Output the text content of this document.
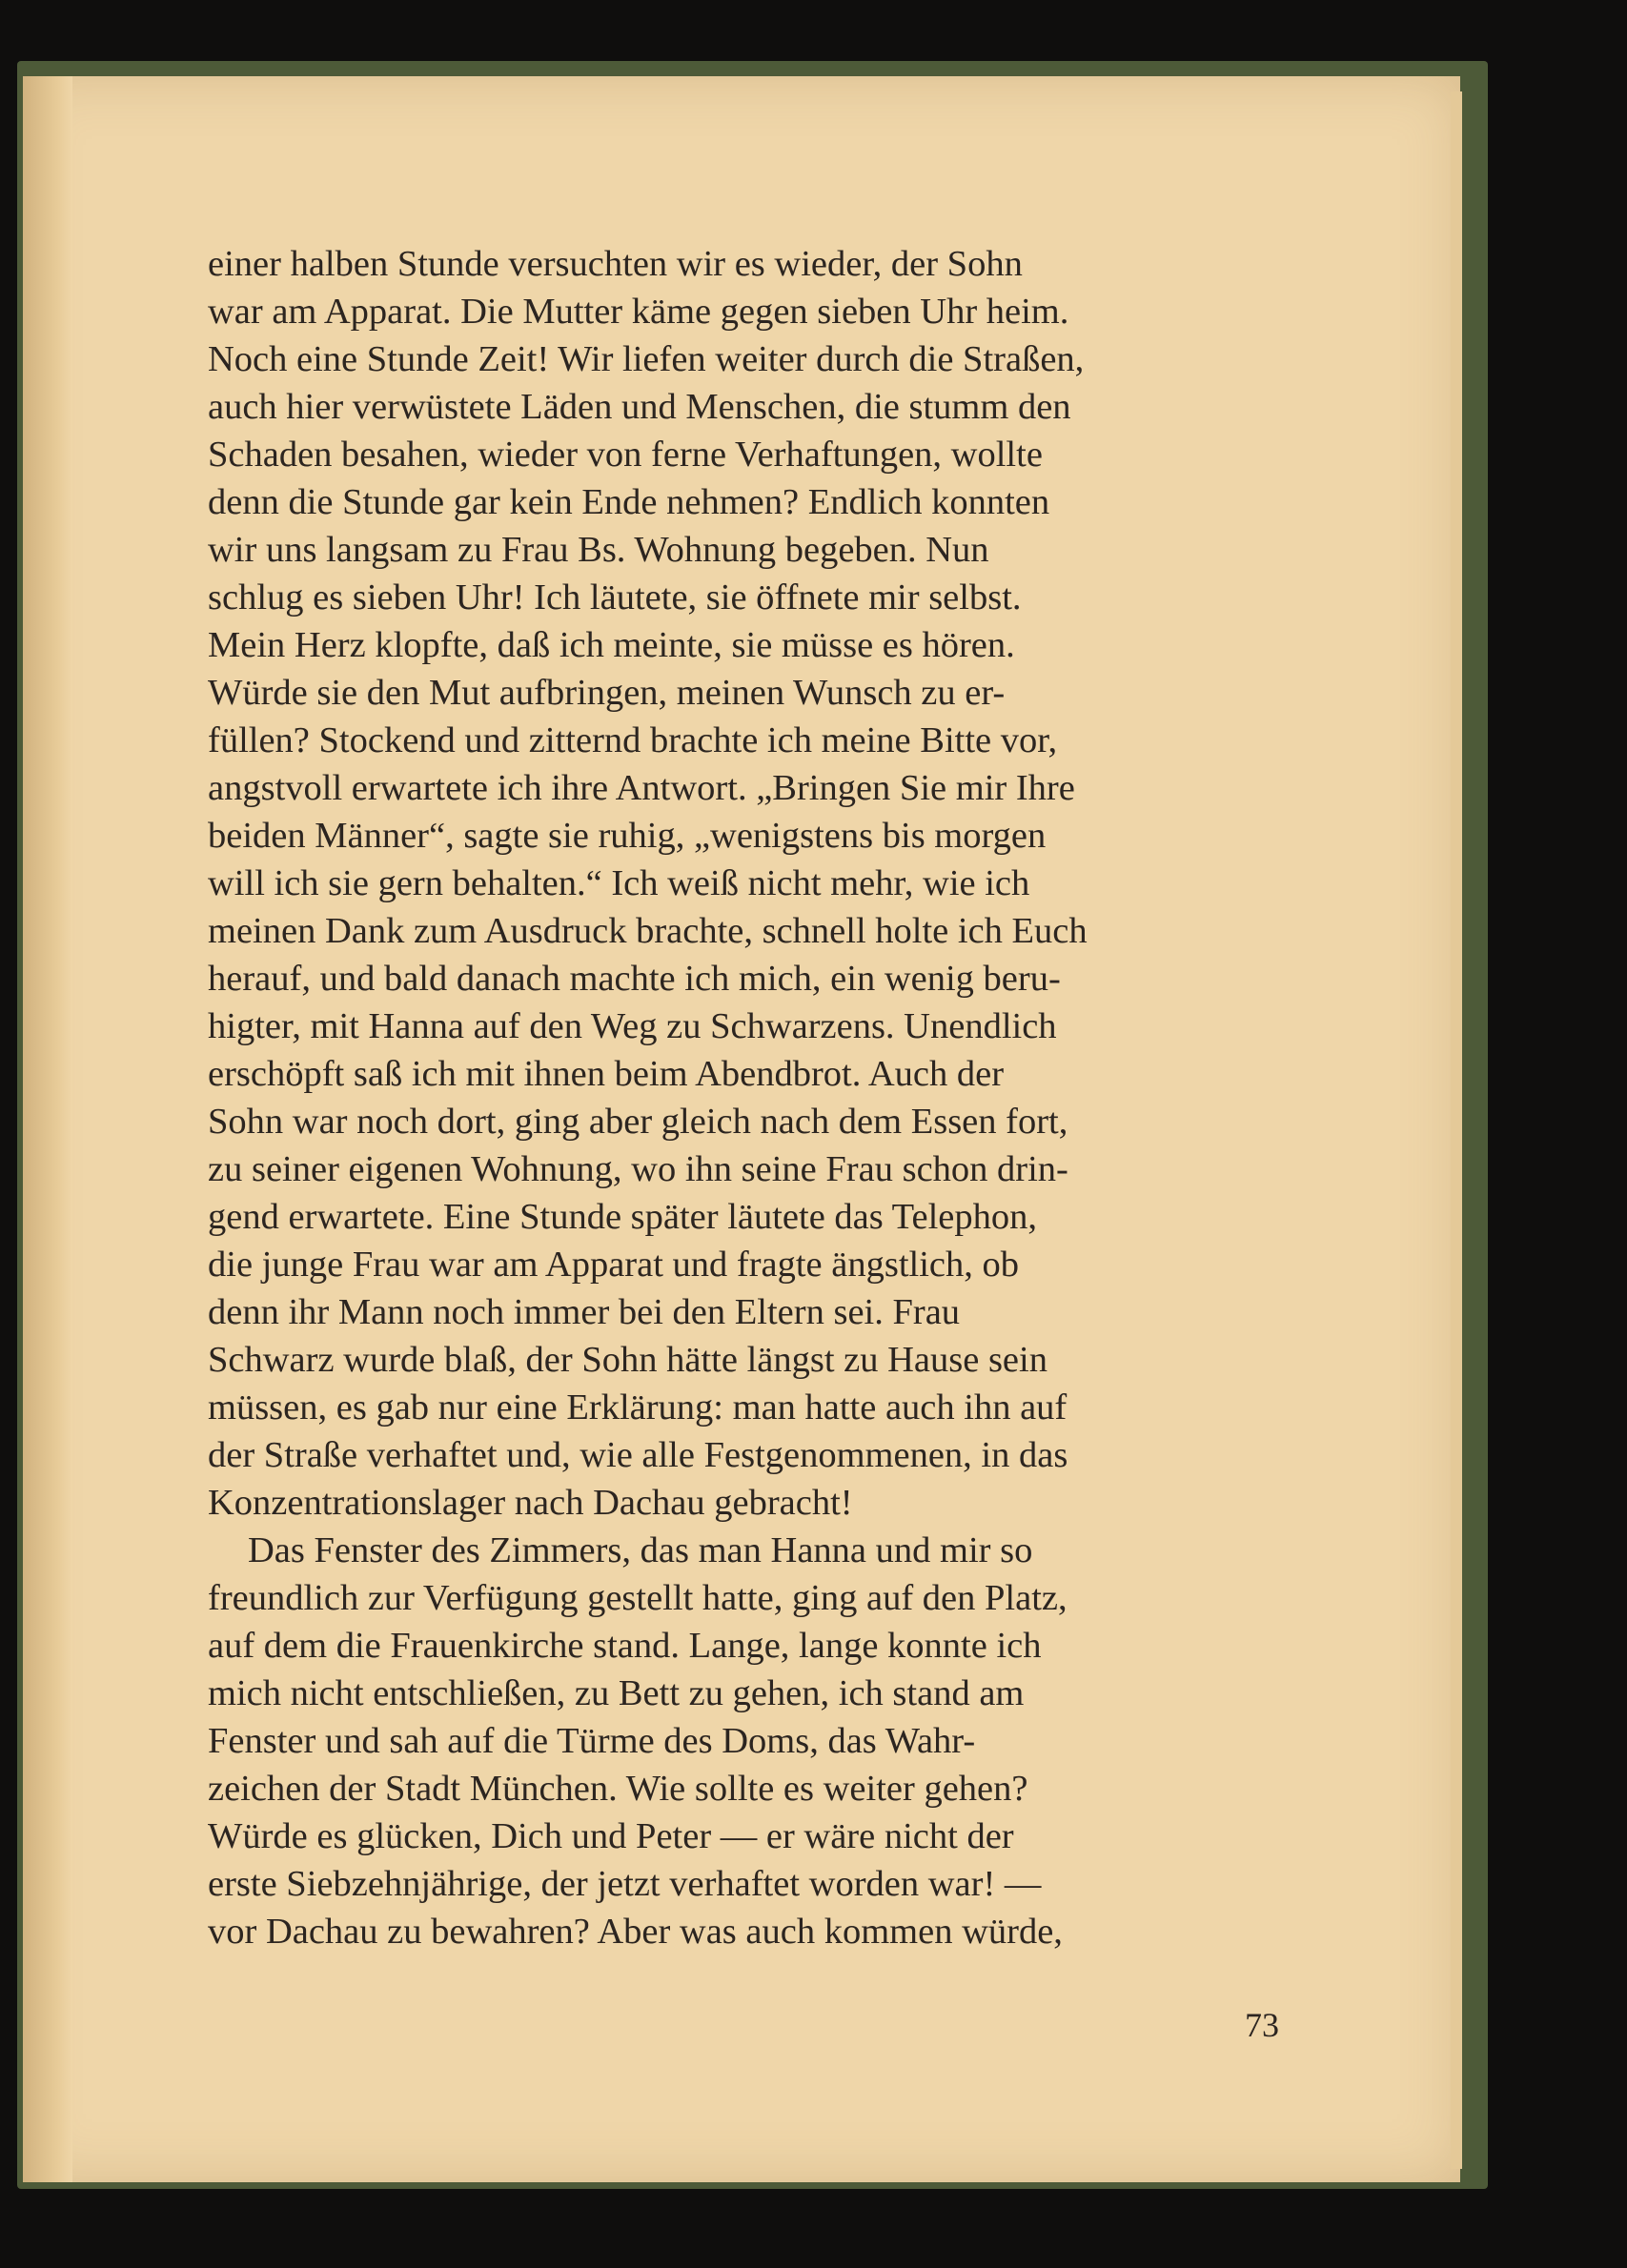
einer halben Stunde versuchten wir es wieder, der Sohn
war am Apparat. Die Mutter käme gegen sieben Uhr heim.
Noch eine Stunde Zeit! Wir liefen weiter durch die Straßen,
auch hier verwüstete Läden und Menschen, die stumm den
Schaden besahen, wieder von ferne Verhaftungen, wollte
denn die Stunde gar kein Ende nehmen? Endlich konnten
wir uns langsam zu Frau Bs. Wohnung begeben. Nun
schlug es sieben Uhr! Ich läutete, sie öffnete mir selbst.
Mein Herz klopfte, daß ich meinte, sie müsse es hören.
Würde sie den Mut aufbringen, meinen Wunsch zu er-
füllen? Stockend und zitternd brachte ich meine Bitte vor,
angstvoll erwartete ich ihre Antwort. „Bringen Sie mir Ihre
beiden Männer“, sagte sie ruhig, „wenigstens bis morgen
will ich sie gern behalten.“ Ich weiß nicht mehr, wie ich
meinen Dank zum Ausdruck brachte, schnell holte ich Euch
herauf, und bald danach machte ich mich, ein wenig beru-
higter, mit Hanna auf den Weg zu Schwarzens. Unendlich
erschöpft saß ich mit ihnen beim Abendbrot. Auch der
Sohn war noch dort, ging aber gleich nach dem Essen fort,
zu seiner eigenen Wohnung, wo ihn seine Frau schon drin-
gend erwartete. Eine Stunde später läutete das Telephon,
die junge Frau war am Apparat und fragte ängstlich, ob
denn ihr Mann noch immer bei den Eltern sei. Frau
Schwarz wurde blaß, der Sohn hätte längst zu Hause sein
müssen, es gab nur eine Erklärung: man hatte auch ihn auf
der Straße verhaftet und, wie alle Festgenommenen, in das
Konzentrationslager nach Dachau gebracht!
Das Fenster des Zimmers, das man Hanna und mir so
freundlich zur Verfügung gestellt hatte, ging auf den Platz,
auf dem die Frauenkirche stand. Lange, lange konnte ich
mich nicht entschließen, zu Bett zu gehen, ich stand am
Fenster und sah auf die Türme des Doms, das Wahr-
zeichen der Stadt München. Wie sollte es weiter gehen?
Würde es glücken, Dich und Peter — er wäre nicht der
erste Siebzehnjährige, der jetzt verhaftet worden war! —
vor Dachau zu bewahren? Aber was auch kommen würde,
73
